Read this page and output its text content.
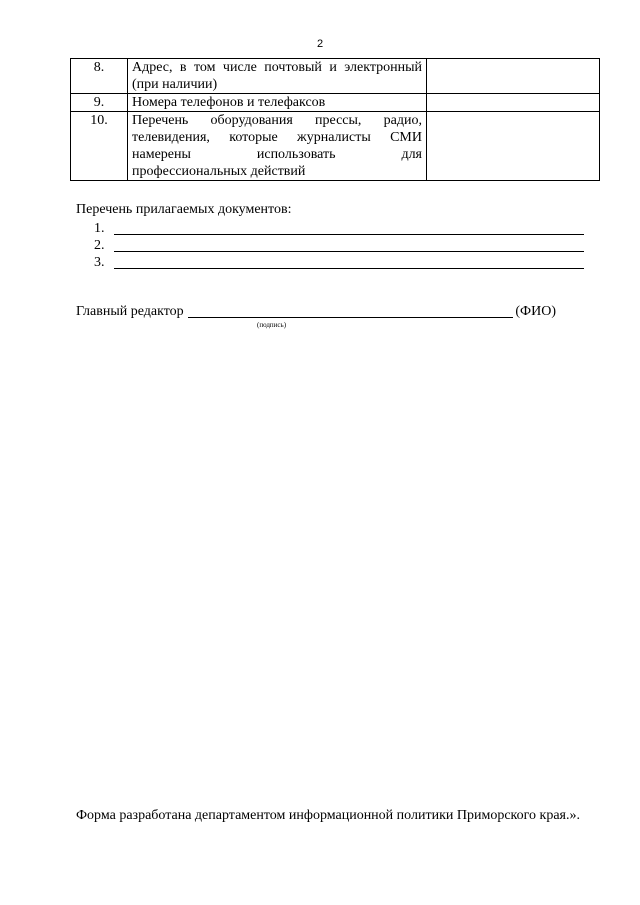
2
8.	Адрес, в том числе почтовый и электронный
(при наличии)	

9.	Номера телефонов и телефаксов	

10.	Перечень оборудования прессы, радио,
телевидения, которые журналисты СМИ
намерены использовать для
профессиональных действий	

Перечень прилагаемых документов:
1.
2.
3.
Главный редактор	(ФИО)
(подпись)
Форма разработана департаментом информационной политики Приморского края.».
